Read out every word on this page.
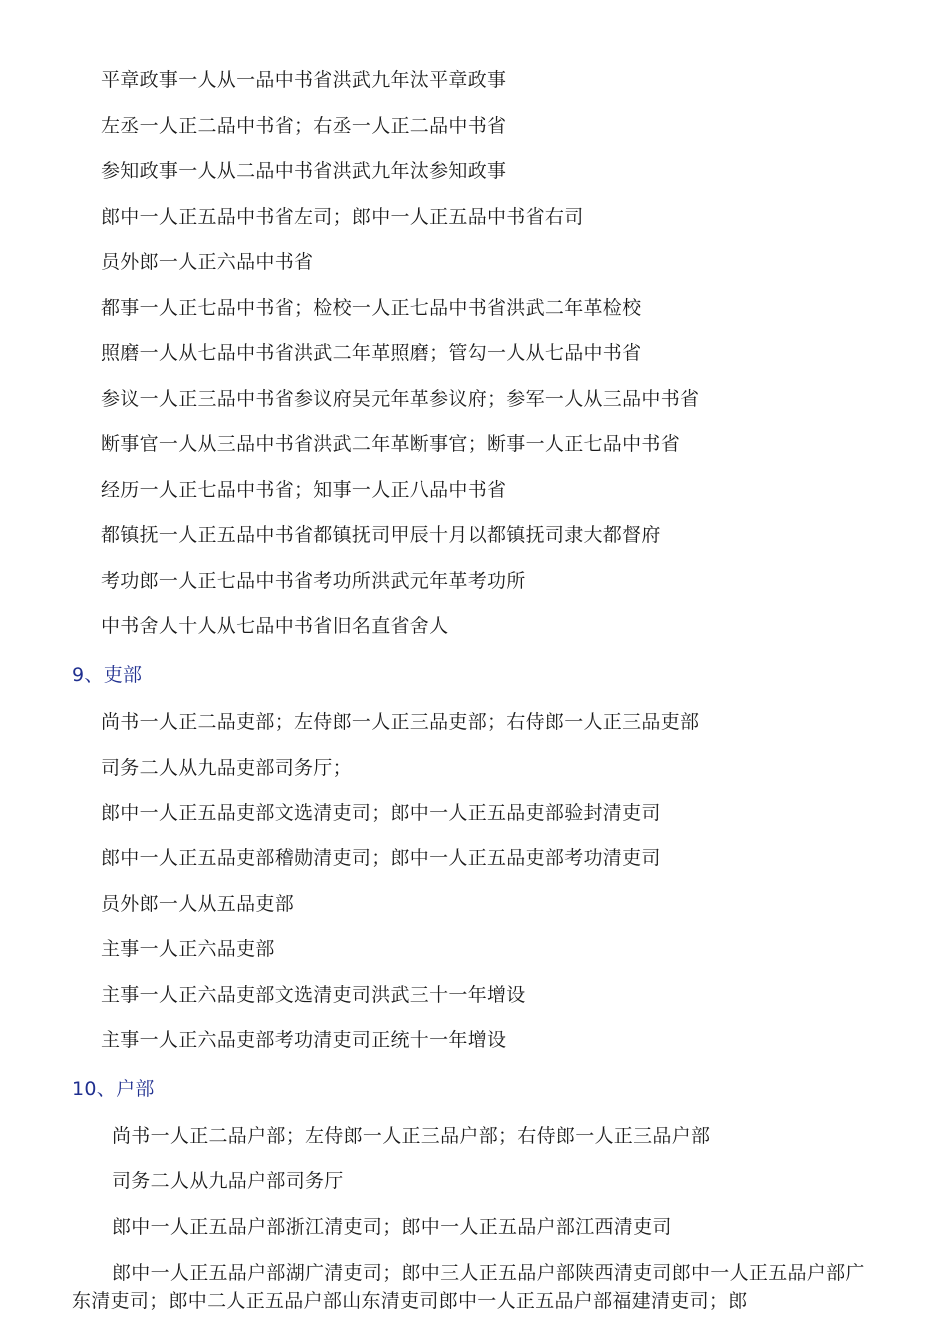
平章政事一人从一品中书省洪武九年汰平章政事
左丞一人正二品中书省；右丞一人正二品中书省
参知政事一人从二品中书省洪武九年汰参知政事
郎中一人正五品中书省左司；郎中一人正五品中书省右司
员外郎一人正六品中书省
都事一人正七品中书省；检校一人正七品中书省洪武二年革检校
照磨一人从七品中书省洪武二年革照磨；管勾一人从七品中书省
参议一人正三品中书省参议府吴元年革参议府；参军一人从三品中书省
断事官一人从三品中书省洪武二年革断事官；断事一人正七品中书省
经历一人正七品中书省；知事一人正八品中书省
都镇抚一人正五品中书省都镇抚司甲辰十月以都镇抚司隶大都督府
考功郎一人正七品中书省考功所洪武元年革考功所
中书舍人十人从七品中书省旧名直省舍人
9、吏部
尚书一人正二品吏部；左侍郎一人正三品吏部；右侍郎一人正三品吏部
司务二人从九品吏部司务厅；
郎中一人正五品吏部文选清吏司；郎中一人正五品吏部验封清吏司
郎中一人正五品吏部稽勋清吏司；郎中一人正五品吏部考功清吏司
员外郎一人从五品吏部
主事一人正六品吏部
主事一人正六品吏部文选清吏司洪武三十一年增设
主事一人正六品吏部考功清吏司正统十一年增设
10、户部
尚书一人正二品户部；左侍郎一人正三品户部；右侍郎一人正三品户部
司务二人从九品户部司务厅
郎中一人正五品户部浙江清吏司；郎中一人正五品户部江西清吏司
郎中一人正五品户部湖广清吏司；郎中三人正五品户部陕西清吏司郎中一人正五品户部广东清吏司；郎中二人正五品户部山东清吏司郎中一人正五品户部福建清吏司；郎
